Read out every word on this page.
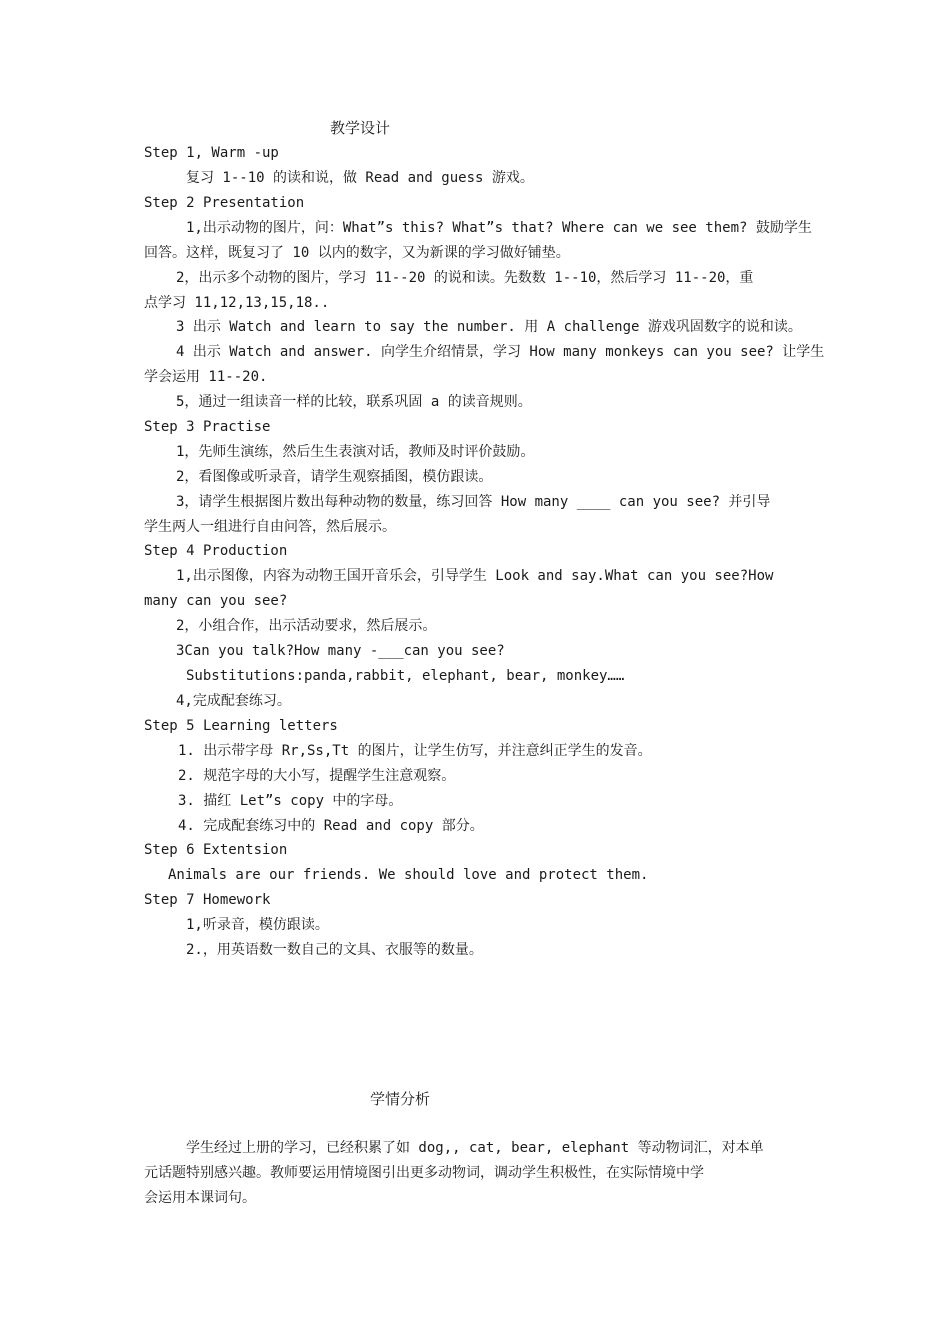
教学设计
Step 1, Warm -up
复习 1--10 的读和说，做 Read and guess 游戏。
Step 2 Presentation
1,出示动物的图片，问：What”s this? What”s that? Where can we see them? 鼓励学生
回答。这样，既复习了 10 以内的数字，又为新课的学习做好铺垫。
2，出示多个动物的图片，学习 11--20 的说和读。先数数 1--10，然后学习 11--20，重
点学习 11,12,13,15,18..
3 出示 Watch and learn to say the number. 用 A challenge 游戏巩固数字的说和读。
4 出示 Watch and answer. 向学生介绍情景，学习 How many monkeys can you see? 让学生
学会运用 11--20.
5，通过一组读音一样的比较，联系巩固 a 的读音规则。
Step 3 Practise
1，先师生演练，然后生生表演对话，教师及时评价鼓励。
2，看图像或听录音，请学生观察插图，模仿跟读。
3，请学生根据图片数出每种动物的数量，练习回答 How many ____ can you see? 并引导
学生两人一组进行自由问答，然后展示。
Step 4 Production
1,出示图像，内容为动物王国开音乐会，引导学生 Look and say.What can you see?How
many can you see?
2，小组合作，出示活动要求，然后展示。
3Can you talk?How many -___can you see?
Substitutions:panda,rabbit, elephant, bear, monkey……
4,完成配套练习。
Step 5 Learning letters
1. 出示带字母 Rr,Ss,Tt 的图片，让学生仿写，并注意纠正学生的发音。
2. 规范字母的大小写，提醒学生注意观察。
3. 描红 Let”s copy 中的字母。
4. 完成配套练习中的 Read and copy 部分。
Step 6 Extentsion
Animals are our friends. We should love and protect them.
Step 7 Homework
1,听录音，模仿跟读。
2.，用英语数一数自己的文具、衣服等的数量。
学情分析
学生经过上册的学习，已经积累了如 dog,, cat, bear, elephant 等动物词汇，对本单
元话题特别感兴趣。教师要运用情境图引出更多动物词，调动学生积极性，在实际情境中学
会运用本课词句。
